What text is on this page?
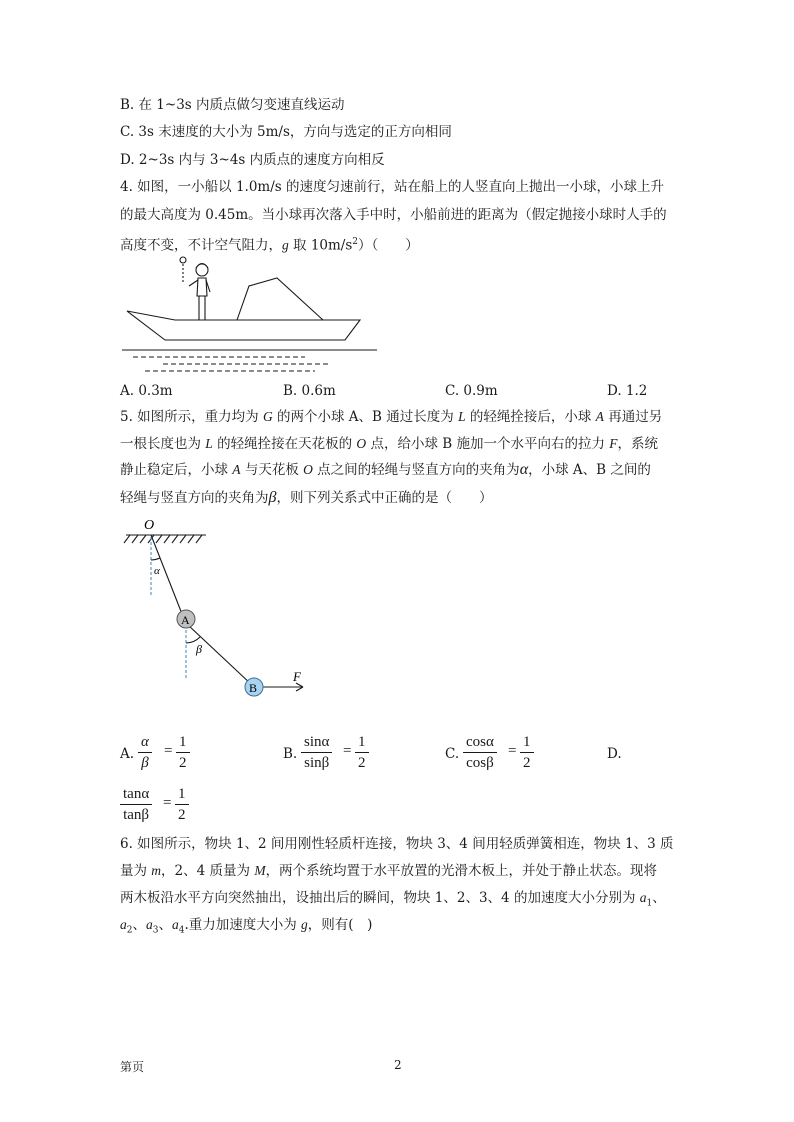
B. 在 1~3s 内质点做匀变速直线运动
C. 3s 末速度的大小为 5m/s，方向与选定的正方向相同
D. 2~3s 内与 3~4s 内质点的速度方向相反
4. 如图，一小船以 1.0m/s 的速度匀速前行，站在船上的人竖直向上抛出一小球，小球上升
的最大高度为 0.45m。当小球再次落入手中时，小船前进的距离为（假定抛接小球时人手的
高度不变，不计空气阻力，g 取 $10m/s^2$）（　　）
A. 0.3m	B. 0.6m	C. 0.9m	D. 1.2
5. 如图所示，重力均为 G 的两个小球 A、B 通过长度为 L 的轻绳拴接后，小球 A 再通过另
一根长度也为 L 的轻绳拴接在天花板的 O 点，给小球 B 施加一个水平向右的拉力 F，系统
静止稳定后，小球 A 与天花板 O 点之间的轻绳与竖直方向的夹角为α，小球 A、B 之间的
轻绳与竖直方向的夹角为β，则下列关系式中正确的是（　　）
O
α
A
β
B
F
A. $\frac{\alpha}{\beta} = \frac{1}{2}$	B. $\frac{\sin\alpha}{\sin\beta} = \frac{1}{2}$	C. $\frac{\cos\alpha}{\cos\beta} = \frac{1}{2}$	D.
$\frac{\tan\alpha}{\tan\beta} = \frac{1}{2}$
6. 如图所示，物块 1、2 间用刚性轻质杆连接，物块 3、4 间用轻质弹簧相连，物块 1、3 质
量为 m，2、4 质量为 M，两个系统均置于水平放置的光滑木板上，并处于静止状态。现将
两木板沿水平方向突然抽出，设抽出后的瞬间，物块 1、2、3、4 的加速度大小分别为 $a_1$、
$a_2$、$a_3$、$a_4$.重力加速度大小为 g，则有(　)
第页	2
